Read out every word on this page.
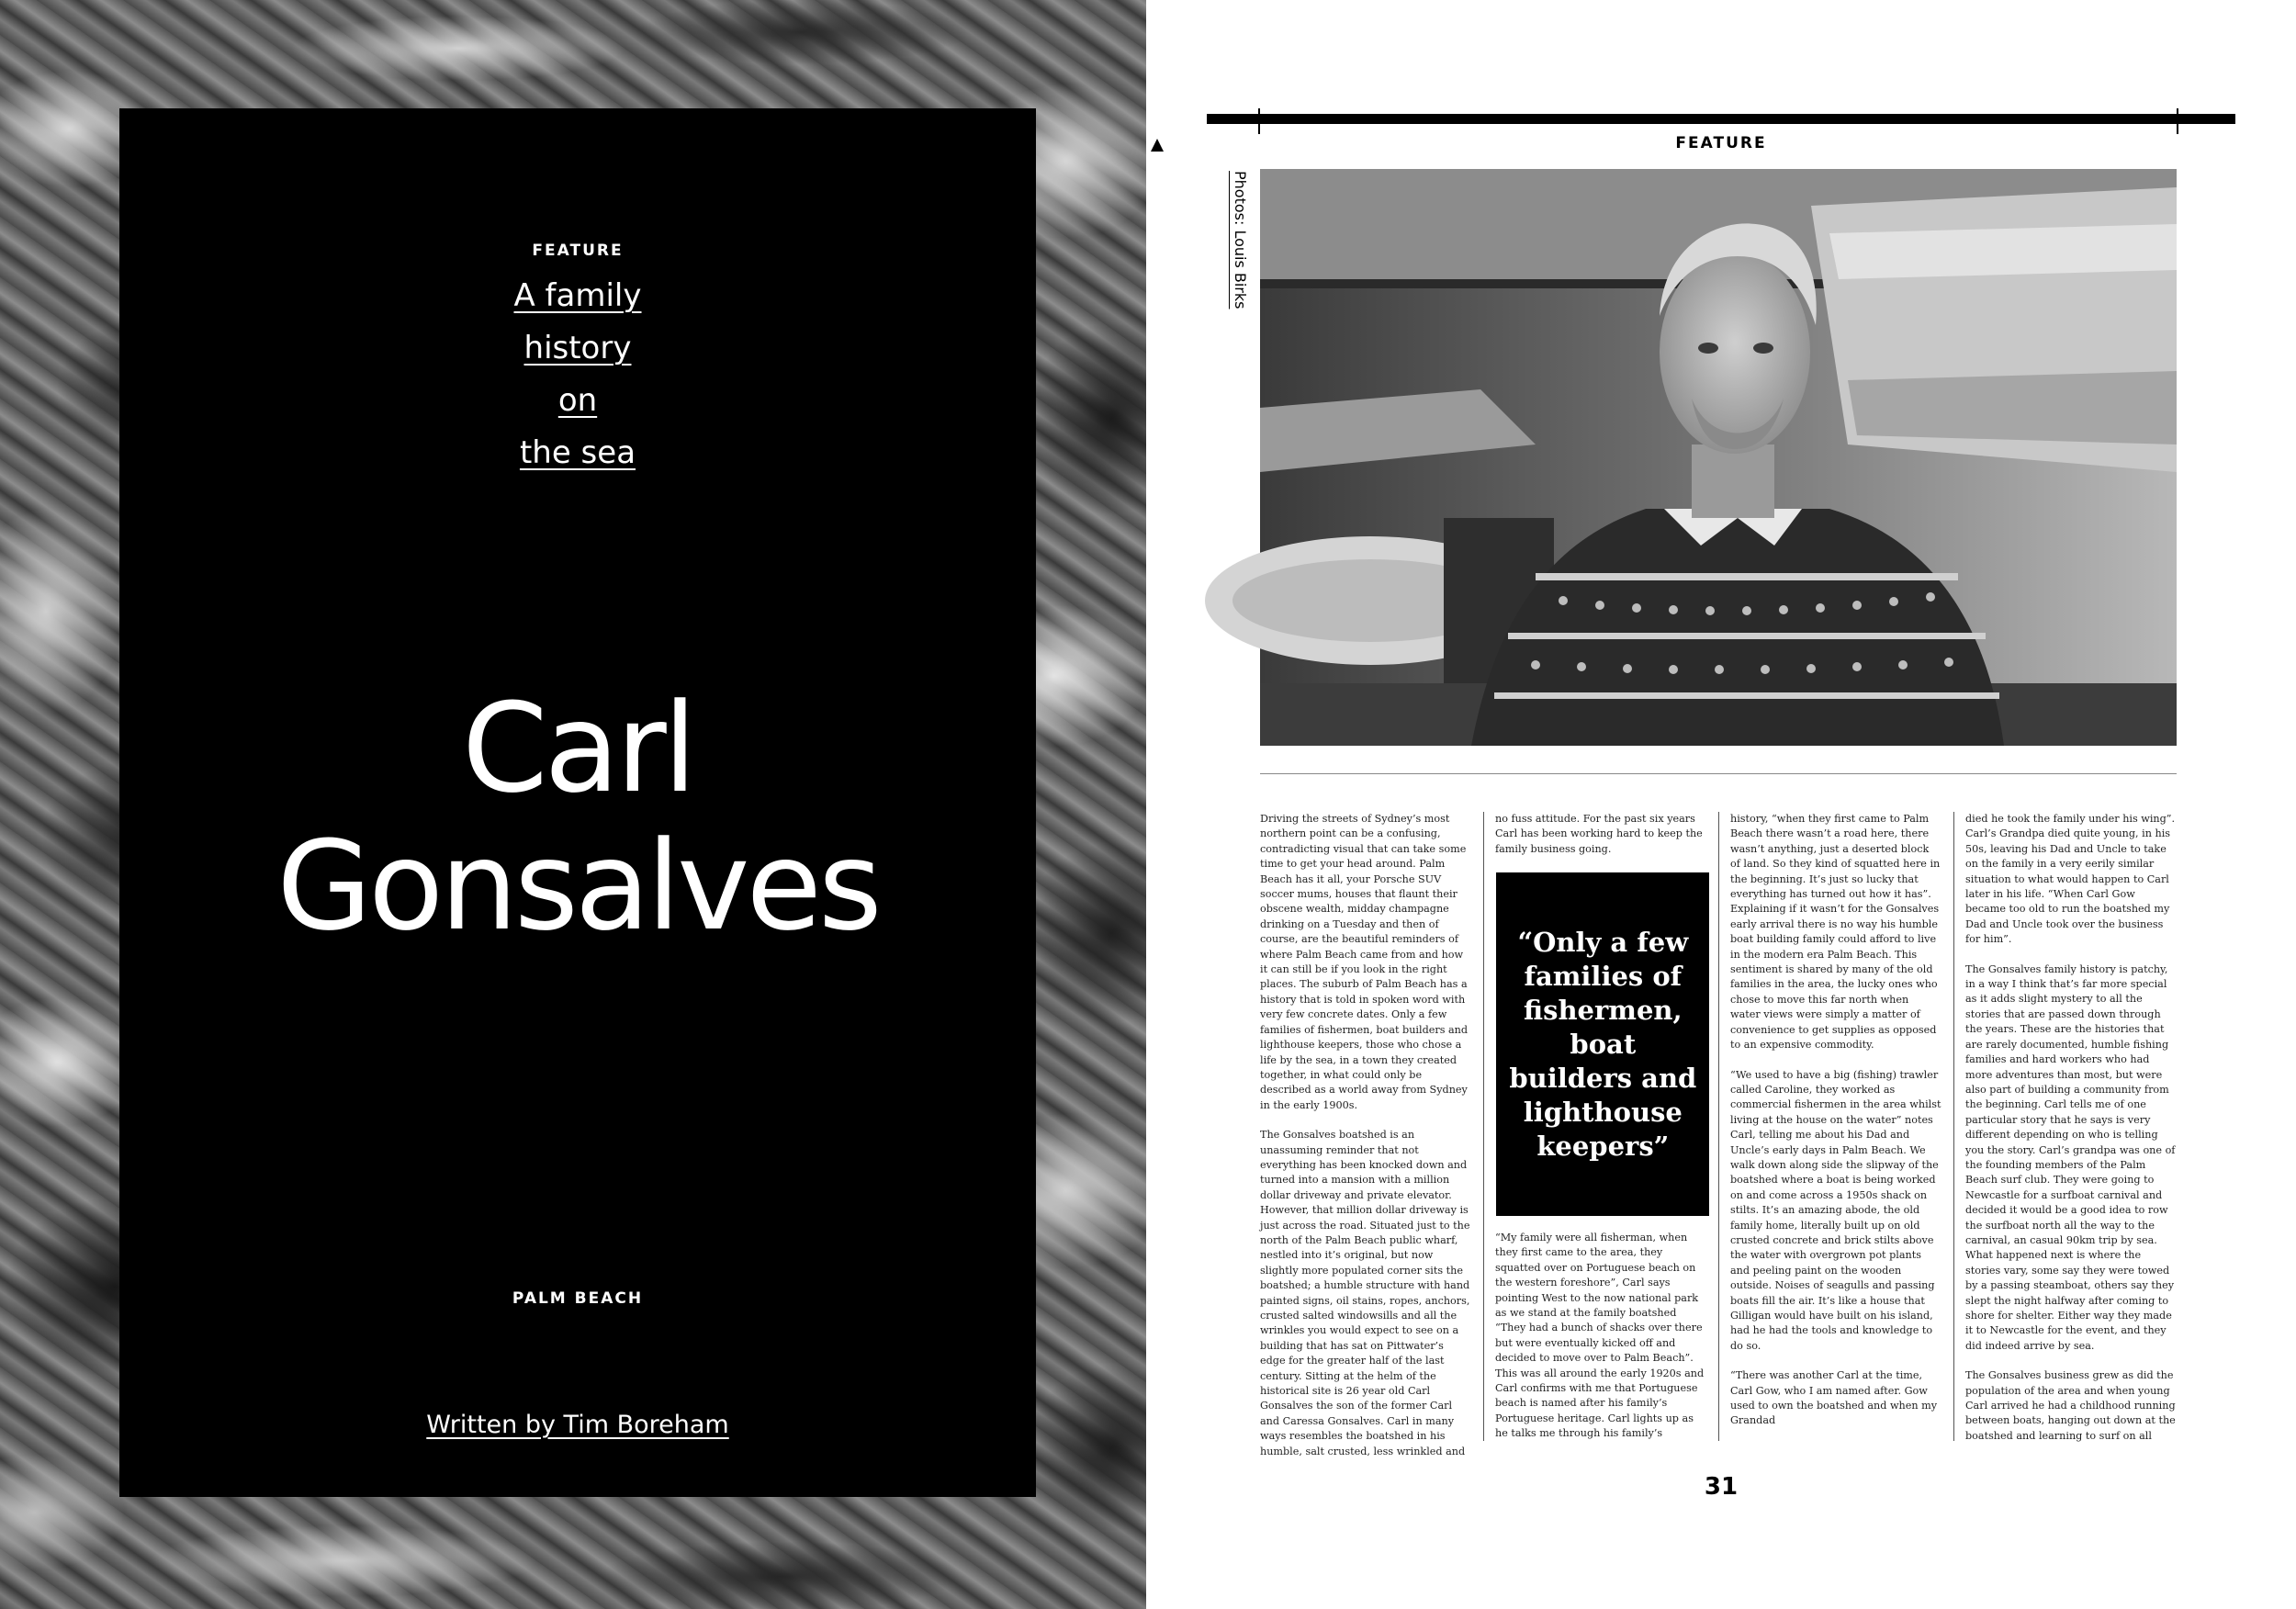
FEATURE
A family
history
on
the sea
Carl
Gonsalves
PALM BEACH
Written by Tim Boreham
FEATURE
Photos: Louis Birks

Driving the streets of Sydney’s most northern point can be a confusing, contradicting visual that can take some time to get your head around. Palm Beach has it all, your Porsche SUV soccer mums, houses that flaunt their obscene wealth, midday champagne drinking on a Tuesday and then of course, are the beautiful reminders of where Palm Beach came from and how it can still be if you look in the right places. The suburb of Palm Beach has a history that is told in spoken word with very few concrete dates. Only a few families of fishermen, boat builders and lighthouse keepers, those who chose a life by the sea, in a town they created together, in what could only be described as a world away from Sydney in the early 1900s.

The Gonsalves boatshed is an unassuming reminder that not everything has been knocked down and turned into a mansion with a million dollar driveway and private elevator. However, that million dollar driveway is just across the road. Situated just to the north of the Palm Beach public wharf, nestled into it’s original, but now slightly more populated corner sits the boatshed; a humble structure with hand painted signs, oil stains, ropes, anchors, crusted salted windowsills and all the wrinkles you would expect to see on a building that has sat on Pittwater’s edge for the greater half of the last century. Sitting at the helm of the historical site is 26 year old Carl Gonsalves the son of the former Carl and Caressa Gonsalves. Carl in many ways resembles the boatshed in his humble, salt crusted, less wrinkled and

no fuss attitude. For the past six years Carl has been working hard to keep the family business going.

“Only a few families of fishermen, boat builders and lighthouse keepers”

“My family were all fisherman, when they first came to the area, they squatted over on Portuguese beach on the western foreshore”, Carl says pointing West to the now national park as we stand at the family boatshed “They had a bunch of shacks over there but were eventually kicked off and decided to move over to Palm Beach”. This was all around the early 1920s and Carl confirms with me that Portuguese beach is named after his family’s Portuguese heritage. Carl lights up as he talks me through his family’s

history, “when they first came to Palm Beach there wasn’t a road here, there wasn’t anything, just a deserted block of land. So they kind of squatted here in the beginning. It’s just so lucky that everything has turned out how it has”. Explaining if it wasn’t for the Gonsalves early arrival there is no way his humble boat building family could afford to live in the modern era Palm Beach. This sentiment is shared by many of the old families in the area, the lucky ones who chose to move this far north when water views were simply a matter of convenience to get supplies as opposed to an expensive commodity.

“We used to have a big (fishing) trawler called Caroline, they worked as commercial fishermen in the area whilst living at the house on the water” notes Carl, telling me about his Dad and Uncle’s early days in Palm Beach. We walk down along side the slipway of the boatshed where a boat is being worked on and come across a 1950s shack on stilts. It’s an amazing abode, the old family home, literally built up on old crusted concrete and brick stilts above the water with overgrown pot plants and peeling paint on the wooden outside. Noises of seagulls and passing boats fill the air. It’s like a house that Gilligan would have built on his island, had he had the tools and knowledge to do so.

“There was another Carl at the time, Carl Gow, who I am named after. Gow used to own the boatshed and when my Grandad

died he took the family under his wing”. Carl’s Grandpa died quite young, in his 50s, leaving his Dad and Uncle to take on the family in a very eerily similar situation to what would happen to Carl later in his life. “When Carl Gow became too old to run the boatshed my Dad and Uncle took over the business for him”.

The Gonsalves family history is patchy, in a way I think that’s far more special as it adds slight mystery to all the stories that are passed down through the years. These are the histories that are rarely documented, humble fishing families and hard workers who had more adventures than most, but were also part of building a community from the beginning. Carl tells me of one particular story that he says is very different depending on who is telling you the story. Carl’s grandpa was one of the founding members of the Palm Beach surf club. They were going to Newcastle for a surfboat carnival and decided it would be a good idea to row the surfboat north all the way to the carnival, an casual 90km trip by sea. What happened next is where the stories vary, some say they were towed by a passing steamboat, others say they slept the night halfway after coming to shore for shelter. Either way they made it to Newcastle for the event, and they did indeed arrive by sea.

The Gonsalves business grew as did the population of the area and when young Carl arrived he had a childhood running between boats, hanging out down at the boatshed and learning to surf on all

31
